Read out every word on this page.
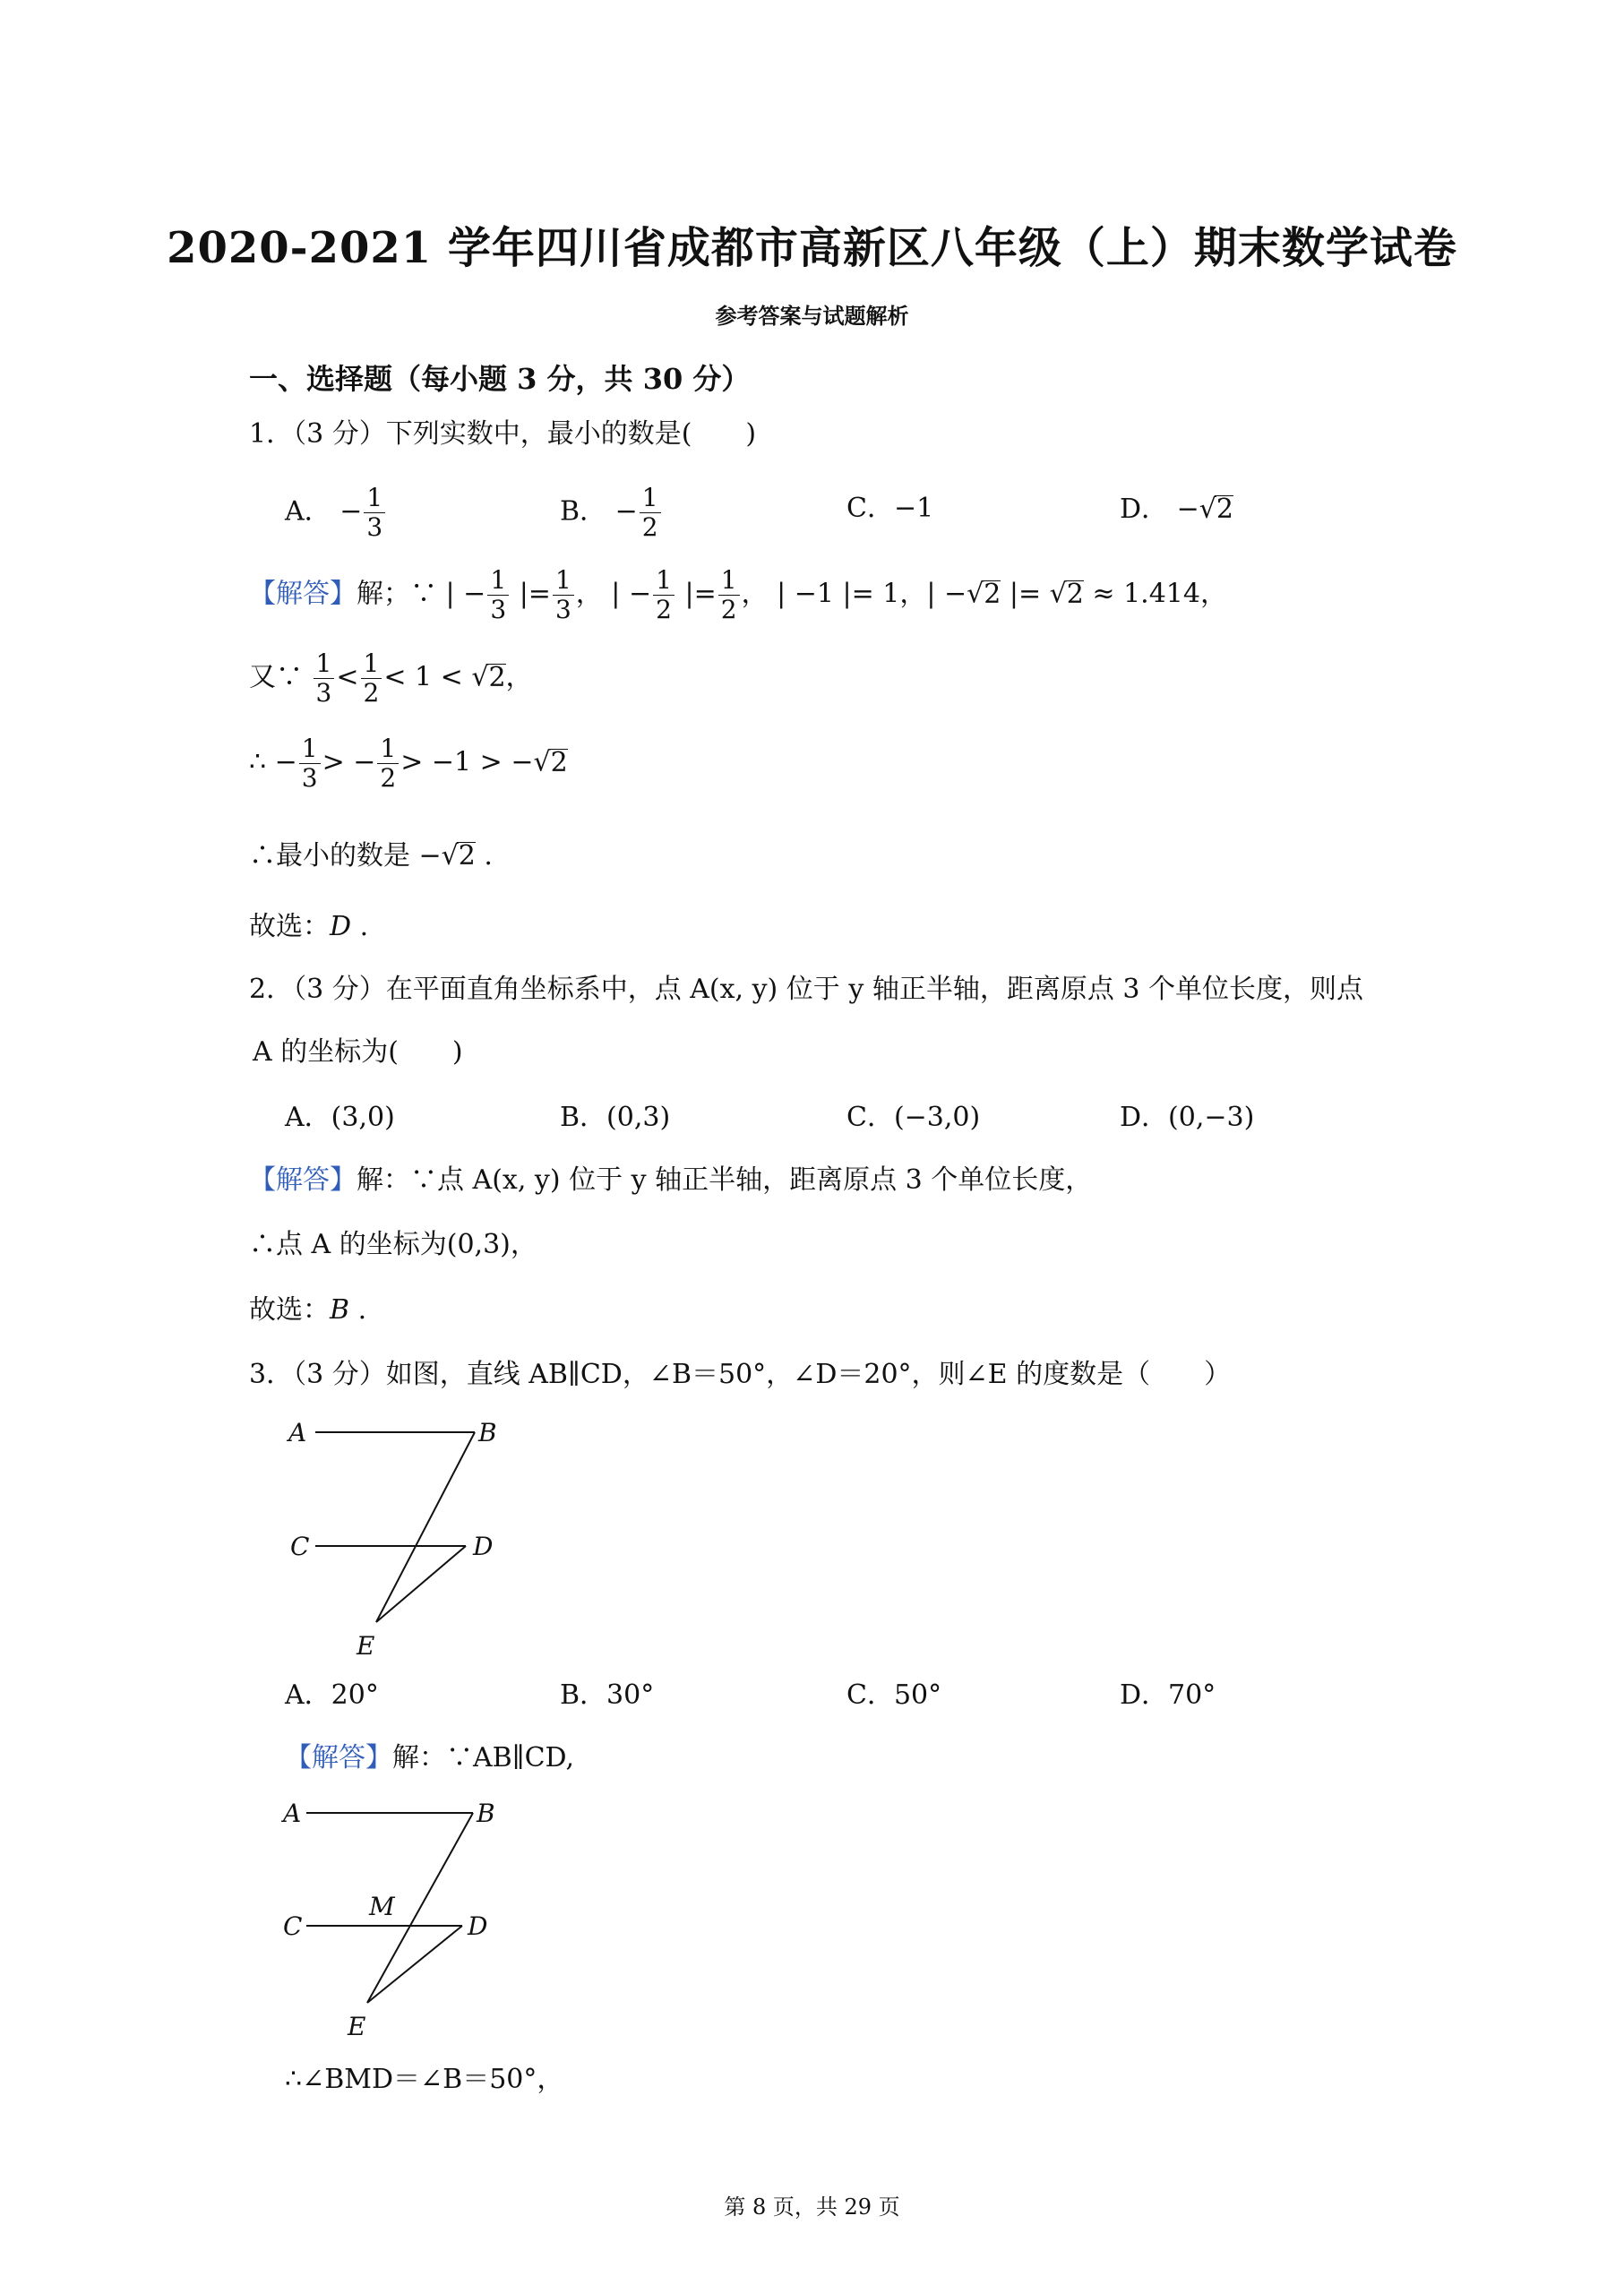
2020-2021 学年四川省成都市高新区八年级（上）期末数学试卷
参考答案与试题解析
一、选择题（每小题 3 分，共 30 分）
1．（3 分）下列实数中，最小的数是(　　)
A． − $\frac{1}{3}$	B． − $\frac{1}{2}$	C．−1	D． −√2
【解答】解；∵ | − $\frac{1}{3}$ |= $\frac{1}{3}$ ， | − $\frac{1}{2}$ |= $\frac{1}{2}$ ， | −1 |= 1，| −√2 |= √2 ≈ 1.414，
又∵ $\frac{1}{3} < \frac{1}{2} < 1 < √2$，
∴ − $\frac{1}{3}$ > − $\frac{1}{2} > -1 > -√2$
∴最小的数是 −√2 .
故选：D .
2．（3 分）在平面直角坐标系中，点 A(x, y) 位于 y 轴正半轴，距离原点 3 个单位长度，则点
A 的坐标为(　　)
A．(3,0)	B．(0,3)	C．(−3,0)	D．(0,−3)
【解答】解：∵点 A(x, y) 位于 y 轴正半轴，距离原点 3 个单位长度，
∴点 A 的坐标为(0,3)，
故选：B .
3．（3 分）如图，直线 AB∥CD，∠B＝50°，∠D＝20°，则∠E 的度数是（　　）
A	B
C	D
E
A．20°	B．30°	C．50°	D．70°
【解答】解：∵AB∥CD,
A	B
C
M
D
E
∴∠BMD＝∠B＝50°，
第 8 页，共 29 页
